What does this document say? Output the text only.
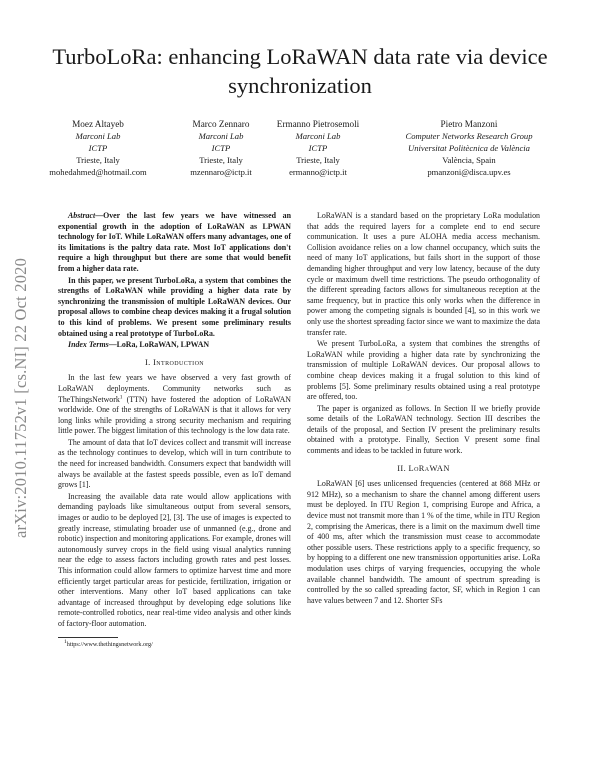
TurboLoRa: enhancing LoRaWAN data rate via device synchronization
Moez Altayeb
Marconi Lab
ICTP
Trieste, Italy
mohedahmed@hotmail.com
Marco Zennaro
Marconi Lab
ICTP
Trieste, Italy
mzennaro@ictp.it
Ermanno Pietrosemoli
Marconi Lab
ICTP
Trieste, Italy
ermanno@ictp.it
Pietro Manzoni
Computer Networks Research Group
Universitat Politècnica de València
València, Spain
pmanzoni@disca.upv.es
arXiv:2010.11752v1 [cs.NI] 22 Oct 2020

Abstract—Over the last few years we have witnessed an exponential growth in the adoption of LoRaWAN as LPWAN technology for IoT. While LoRaWAN offers many advantages, one of its limitations is the paltry data rate. Most IoT applications don't require a high throughput but there are some that would benefit from a higher data rate.

In this paper, we present TurboLoRa, a system that combines the strengths of LoRaWAN while providing a higher data rate by synchronizing the transmission of multiple LoRaWAN devices. Our proposal allows to combine cheap devices making it a frugal solution to this kind of problems. We present some preliminary results obtained using a real prototype of TurboLoRa.

Index Terms—LoRa, LoRaWAN, LPWAN

I. Introduction

In the last few years we have observed a very fast growth of LoRaWAN deployments. Community networks such as TheThingsNetwork$^1$ (TTN) have fostered the adoption of LoRaWAN worldwide. One of the strengths of LoRaWAN is that it allows for very long links while providing a strong security mechanism and requiring little power. The biggest limitation of this technology is the low data rate.

The amount of data that IoT devices collect and transmit will increase as the technology continues to develop, which will in turn contribute to the need for increased bandwidth. Consumers expect that bandwidth will always be available at the fastest speeds possible, even as IoT demand grows [1].

Increasing the available data rate would allow applications with demanding payloads like simultaneous output from several sensors, images or audio to be deployed [2], [3]. The use of images is expected to greatly increase, stimulating broader use of unmanned (e.g., drone and robotic) inspection and monitoring applications. For example, drones will autonomously survey crops in the field using visual analytics running near the edge to assess factors including growth rates and pest losses. This information could allow farmers to optimize harvest time and more efficiently target particular areas for pesticide, fertilization, irrigation or other interventions. Many other IoT based applications can take advantage of increased throughput by developing edge solutions like remote-controlled robotics, near real-time video analysis and other kinds of factory-floor automation.

$^1$https://www.thethingsnetwork.org/

LoRaWAN is a standard based on the proprietary LoRa modulation that adds the required layers for a complete end to end secure communication. It uses a pure ALOHA media access mechanism. Collision avoidance relies on a low channel occupancy, which suits the need of many IoT applications, but fails short in the support of those demanding higher throughput and very low latency, because of the duty cycle or maximum dwell time restrictions. The pseudo orthogonality of the different spreading factors allows for simultaneous reception at the same frequency, but in practice this only works when the difference in power among the competing signals is bounded [4], so in this work we only use the shortest spreading factor since we want to maximize the data transfer rate.

We present TurboLoRa, a system that combines the strengths of LoRaWAN while providing a higher data rate by synchronizing the transmission of multiple LoRaWAN devices. Our proposal allows to combine cheap devices making it a frugal solution to this kind of problems [5]. Some preliminary results obtained using a real prototype are offered, too.

The paper is organized as follows. In Section II we briefly provide some details of the LoRaWAN technology. Section III describes the details of the proposal, and Section IV present the preliminary results obtained with a prototype. Finally, Section V present some final comments and ideas to be tackled in future work.

II. LoRaWAN

LoRaWAN [6] uses unlicensed frequencies (centered at 868 MHz or 912 MHz), so a mechanism to share the channel among different users must be deployed. In ITU Region 1, comprising Europe and Africa, a device must not transmit more than 1 % of the time, while in ITU Region 2, comprising the Americas, there is a limit on the maximum dwell time of 400 ms, after which the transmission must cease to accommodate other possible users. These restrictions apply to a specific frequency, so by hopping to a different one new transmission opportunities arise. LoRa modulation uses chirps of varying frequencies, occupying the whole available channel bandwidth. The amount of spectrum spreading is controlled by the so called spreading factor, SF, which in Region 1 can have values between 7 and 12. Shorter SFs
